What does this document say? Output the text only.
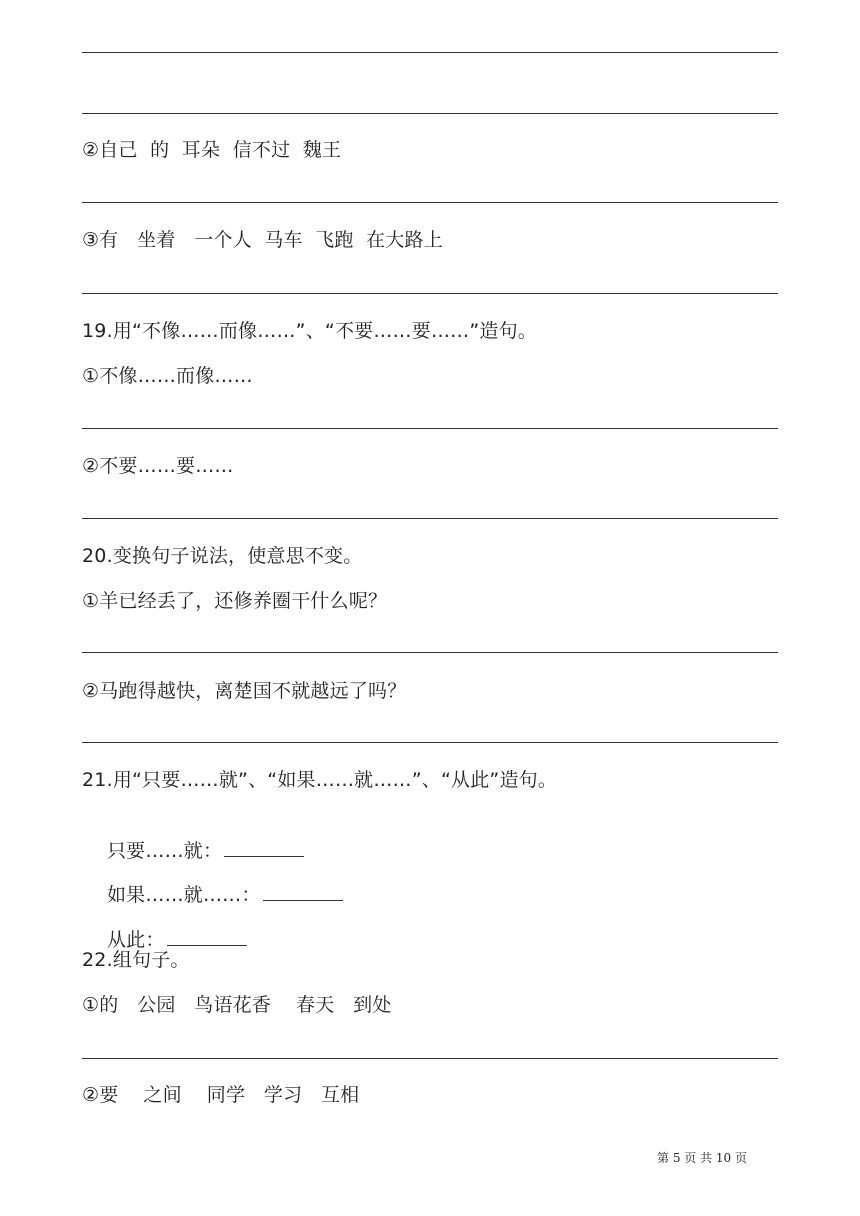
②自己  的  耳朵  信不过  魏王
③有   坐着   一个人  马车  飞跑  在大路上
19.用“不像……而像……”、“不要……要……”造句。
①不像……而像……
②不要……要……
20.变换句子说法，使意思不变。
①羊已经丢了，还修养圈干什么呢？
②马跑得越快，离楚国不就越远了吗？
21.用“只要……就”、“如果……就……”、“从此”造句。

只要……就：

如果……就……：

从此：

22.组句子。
①的   公园   鸟语花香    春天   到处
②要    之间    同学   学习   互相
第 5 页 共 10 页
